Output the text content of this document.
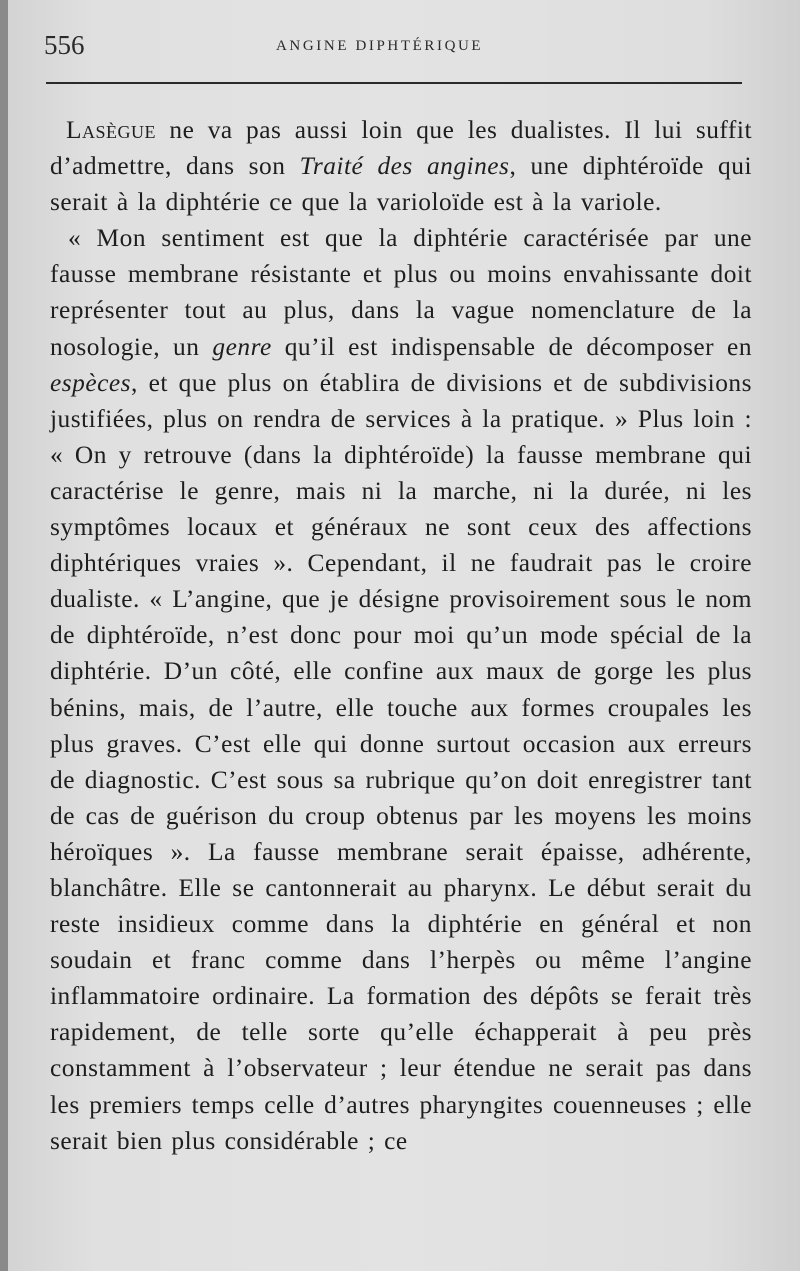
556	ANGINE DIPHTÉRIQUE

Lasègue ne va pas aussi loin que les dualistes. Il lui suffit d’admettre, dans son Traité des angines, une diphtéroïde qui serait à la diphtérie ce que la varioloïde est à la variole.

« Mon sentiment est que la diphtérie caractérisée par une fausse membrane résistante et plus ou moins envahissante doit représenter tout au plus, dans la vague nomenclature de la nosologie, un genre qu’il est indispensable de décomposer en espèces, et que plus on établira de divisions et de subdivisions justifiées, plus on rendra de services à la pratique. » Plus loin : « On y retrouve (dans la diphtéroïde) la fausse membrane qui caractérise le genre, mais ni la marche, ni la durée, ni les symptômes locaux et généraux ne sont ceux des affections diphtériques vraies ». Cependant, il ne faudrait pas le croire dualiste. « L’angine, que je désigne provisoirement sous le nom de diphtéroïde, n’est donc pour moi qu’un mode spécial de la diphtérie. D’un côté, elle confine aux maux de gorge les plus bénins, mais, de l’autre, elle touche aux formes croupales les plus graves. C’est elle qui donne surtout occasion aux erreurs de diagnostic. C’est sous sa rubrique qu’on doit enregistrer tant de cas de guérison du croup obtenus par les moyens les moins héroïques ». La fausse membrane serait épaisse, adhérente, blanchâtre. Elle se cantonnerait au pharynx. Le début serait du reste insidieux comme dans la diphtérie en général et non soudain et franc comme dans l’herpès ou même l’angine inflammatoire ordinaire. La formation des dépôts se ferait très rapidement, de telle sorte qu’elle échapperait à peu près constamment à l’observateur ; leur étendue ne serait pas dans les premiers temps celle d’autres pharyngites couenneuses ; elle serait bien plus considérable ; ce
